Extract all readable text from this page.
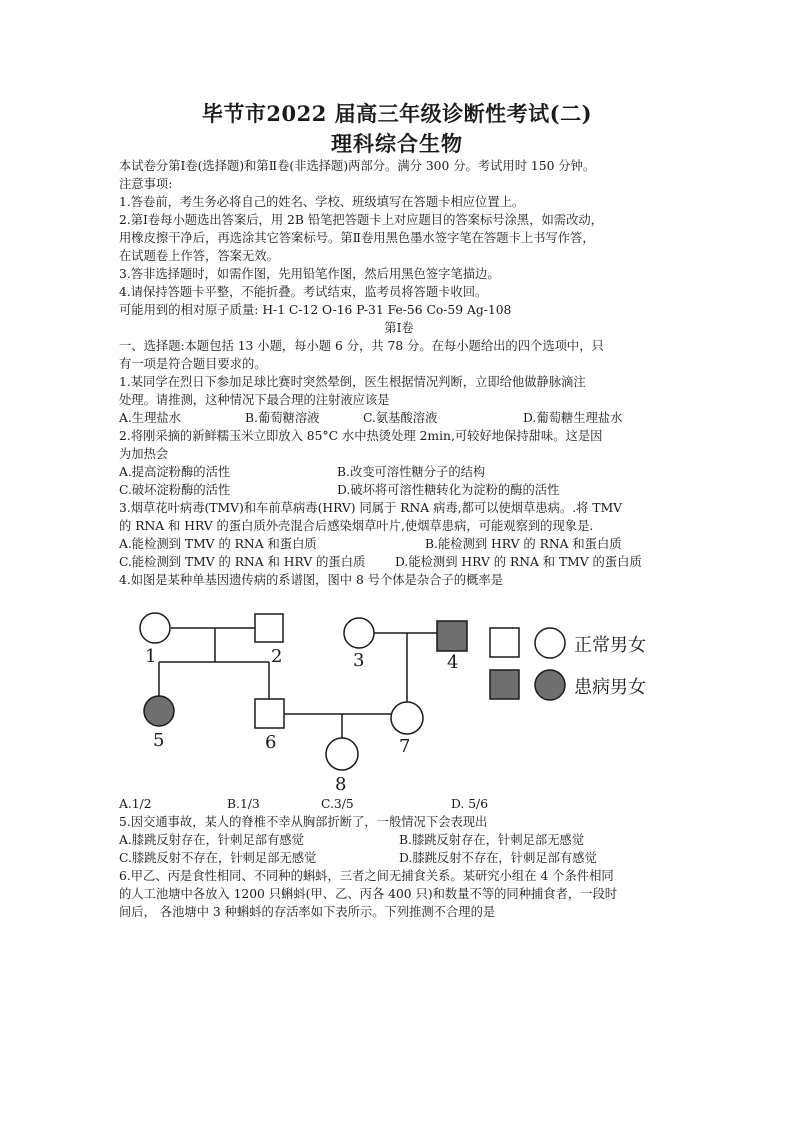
毕节市2022 届高三年级诊断性考试(二)
理科综合生物
本试卷分第Ⅰ卷(选择题)和第Ⅱ卷(非选择题)两部分。满分 300 分。考试用时 150 分钟。
注意事项:
1.答卷前，考生务必将自己的姓名、学校、班级填写在答题卡相应位置上。
2.第Ⅰ卷每小题选出答案后，用 2B 铅笔把答题卡上对应题目的答案标号涂黑，如需改动，
用橡皮擦干净后，再选涂其它答案标号。第Ⅱ卷用黑色墨水签字笔在答题卡上书写作答，
在试题卷上作答，答案无效。
3.答非选择题时，如需作图，先用铅笔作图，然后用黑色签字笔描边。
4.请保持答题卡平整，不能折叠。考试结束，监考员将答题卡收回。
可能用到的相对原子质量: H-1 C-12 O-16 P-31 Fe-56 Co-59 Ag-108
第Ⅰ卷
一、选择题:本题包括 13 小题，每小题 6 分，共 78 分。在每小题给出的四个选项中，只
有一项是符合题目要求的。
1.某同学在烈日下参加足球比赛时突然晕倒，医生根据情况判断，立即给他做静脉滴注
处理。请推测，这种情况下最合理的注射液应该是
A.生理盐水	B.葡萄糖溶液	C.氨基酸溶液	D.葡萄糖生理盐水
2.将刚采摘的新鲜糯玉米立即放入 85°C 水中热烫处理 2min,可较好地保持甜味。这是因
为加热会
A.提高淀粉酶的活性	B.改变可溶性糖分子的结构
C.破坏淀粉酶的活性	D.破坏将可溶性糖转化为淀粉的酶的活性
3.烟草花叶病毒(TMV)和车前草病毒(HRV) 同属于 RNA 病毒,都可以使烟草患病。.将 TMV
的 RNA 和 HRV 的蛋白质外壳混合后感染烟草叶片,使烟草患病，可能观察到的现象是.
A.能检测到 TMV 的 RNA 和蛋白质	B.能检测到 HRV 的 RNA 和蛋白质
C.能检测到 TMV 的 RNA 和 HRV 的蛋白质	D.能检测到 HRV 的 RNA 和 TMV 的蛋白质
4.如图是某种单基因遗传病的系谱图，图中 8 号个体是杂合子的概率是
1	2	3	4
5	6	7
8
正常男女
患病男女
A.1/2	B.1/3	C.3/5	D. 5/6
5.因交通事故，某人的脊椎不幸从胸部折断了，一般情况下会表现出
A.膝跳反射存在，针刺足部有感觉	B.膝跳反射存在，针刺足部无感觉
C.膝跳反射不存在，针刺足部无感觉	D.膝跳反射不存在，针刺足部有感觉
6.甲乙、丙是食性相同、不同种的蝌蚪，三者之间无捕食关系。某研究小组在 4 个条件相同
的人工池塘中各放入 1200 只蝌蚪(甲、乙、丙各 400 只)和数量不等的同种捕食者，一段时
间后， 各池塘中 3 种蝌蚪的存活率如下表所示。下列推测不合理的是
